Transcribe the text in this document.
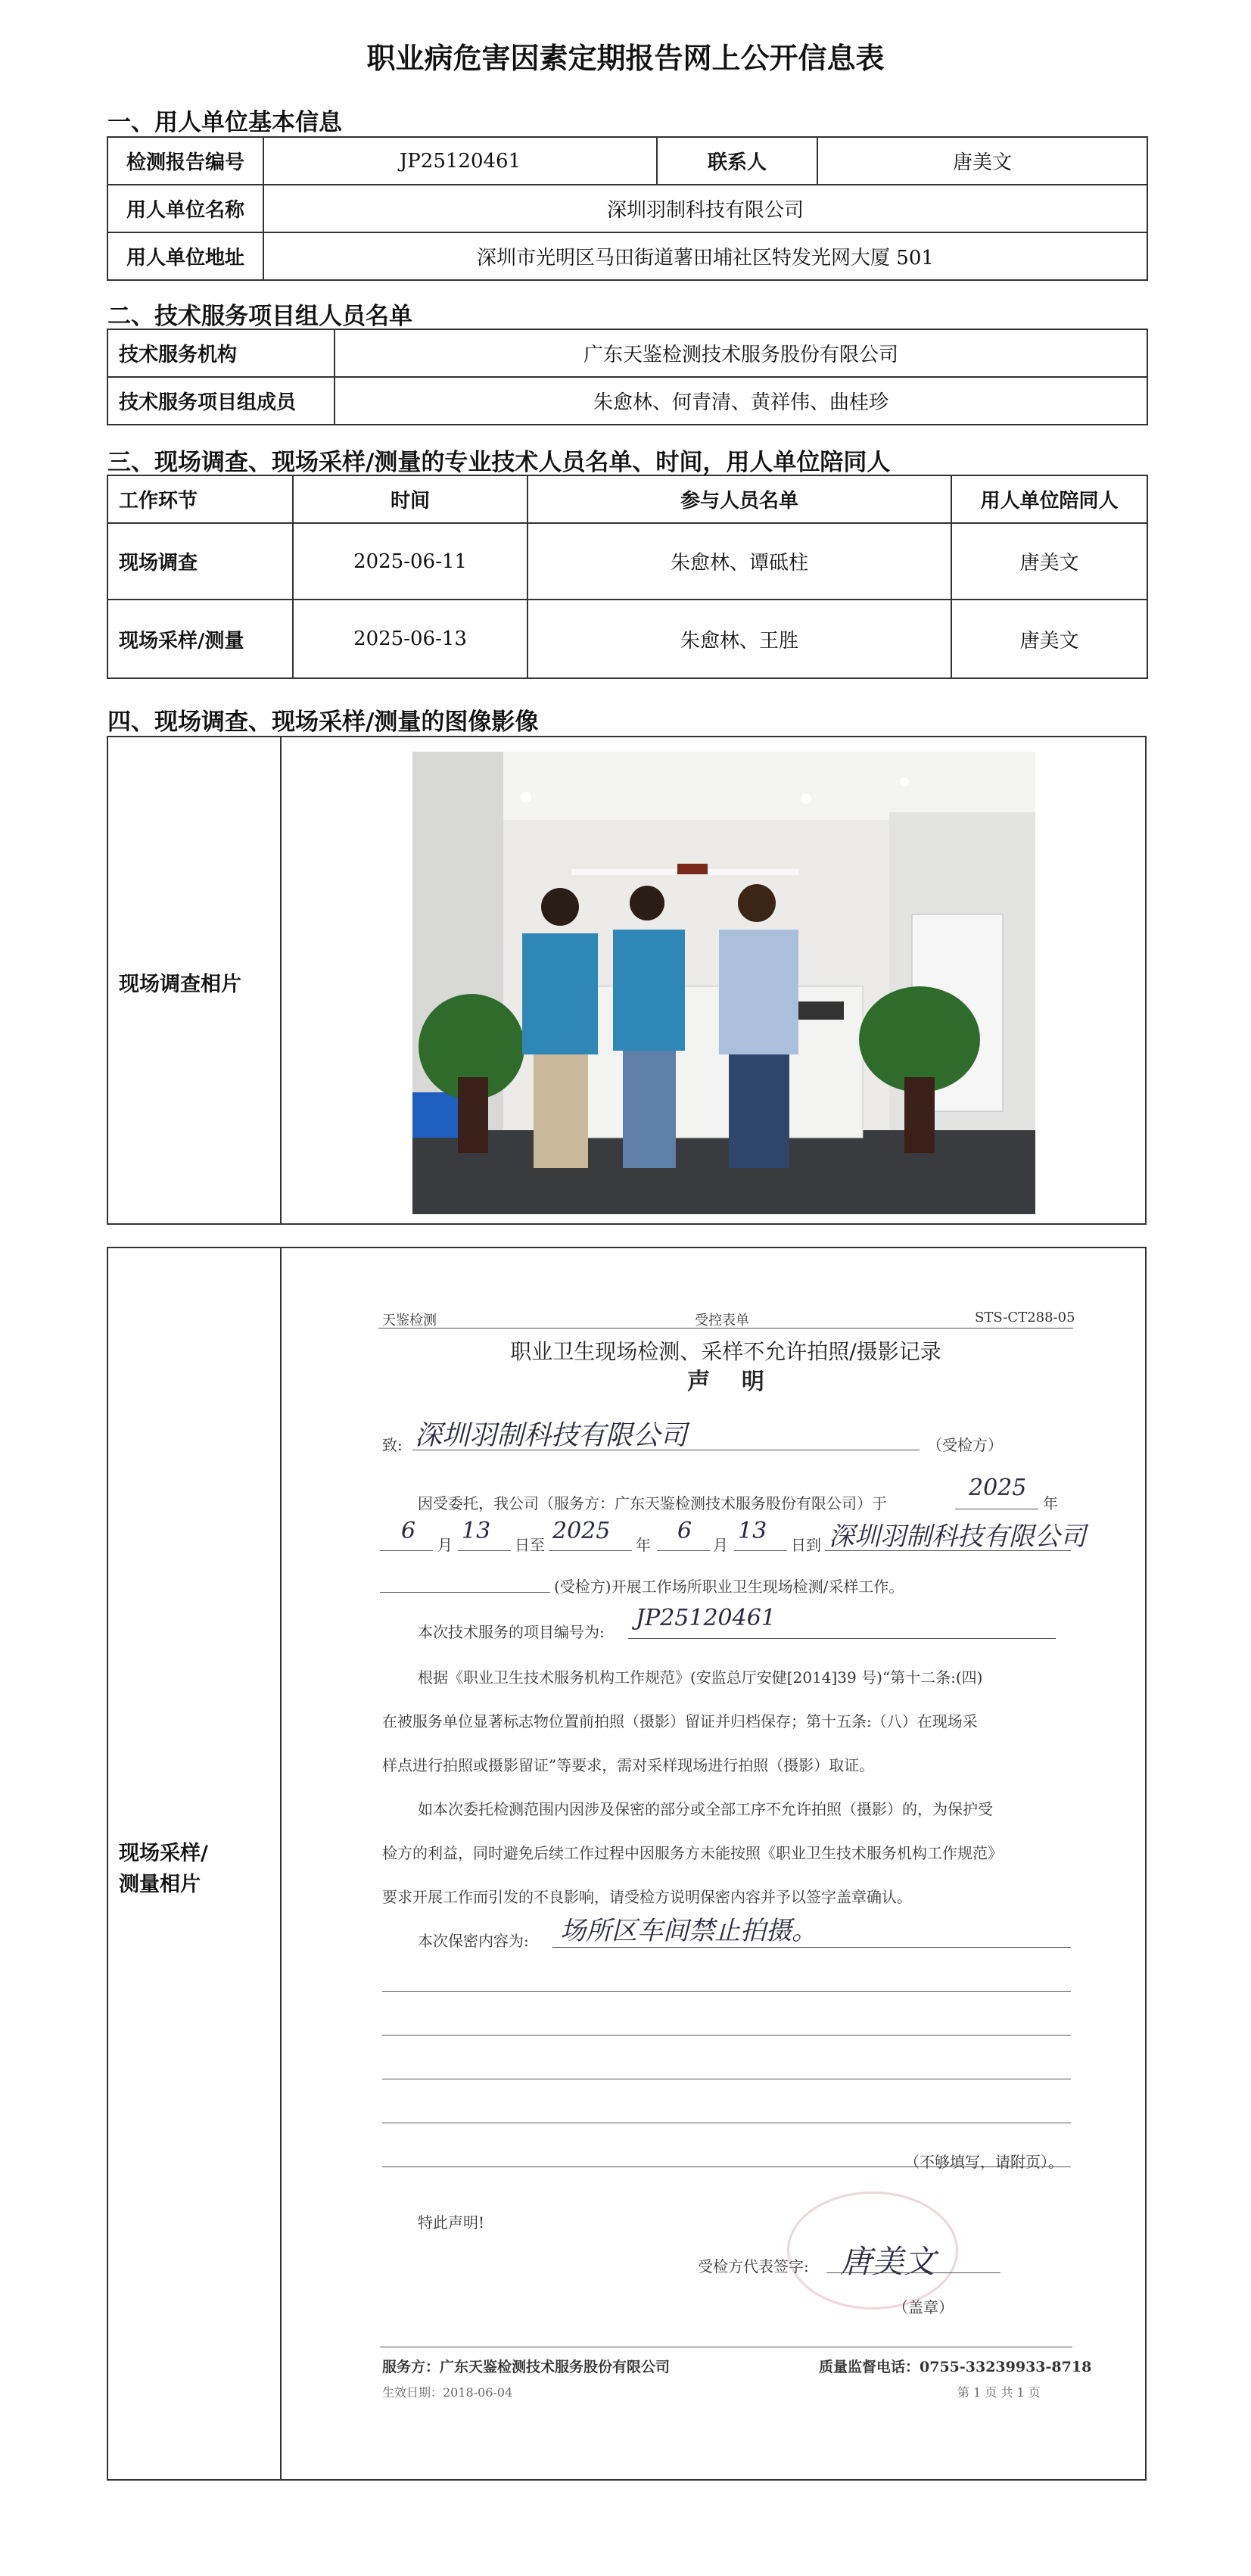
职业病危害因素定期报告网上公开信息表
一、用人单位基本信息
检测报告编号	JP25120461	联系人	唐美文
用人单位名称	深圳羽制科技有限公司		
用人单位地址	深圳市光明区马田街道薯田埔社区特发光网大厦 501		
二、技术服务项目组人员名单
技术服务机构	广东天鉴检测技术服务股份有限公司
技术服务项目组成员	朱愈林、何青清、黄祥伟、曲桂珍
三、现场调查、现场采样/测量的专业技术人员名单、时间，用人单位陪同人
工作环节	时间	参与人员名单	用人单位陪同人
现场调查	2025-06-11	朱愈林、谭砥柱	唐美文
现场采样/测量	2025-06-13	朱愈林、王胜	唐美文
四、现场调查、现场采样/测量的图像影像
现场调查相片
现场采样/
测量相片
天鉴检测	受控表单	STS-CT288-05
职业卫生现场检测、采样不允许拍照/摄影记录
声    明
致: 深圳羽制科技有限公司	（受检方）
因受委托，我公司（服务方：广东天鉴检测技术服务股份有限公司）于
2025
年
6
月
13
日至
2025
年
6
月
13
日到 深圳羽制科技有限公司
(受检方)开展工作场所职业卫生现场检测/采样工作。
本次技术服务的项目编号为:
JP25120461
根据《职业卫生技术服务机构工作规范》(安监总厅安健[2014]39 号)“第十二条:(四)
在被服务单位显著标志物位置前拍照（摄影）留证并归档保存；第十五条:（八）在现场采
样点进行拍照或摄影留证”等要求，需对采样现场进行拍照（摄影）取证。
如本次委托检测范围内因涉及保密的部分或全部工序不允许拍照（摄影）的，为保护受
检方的利益，同时避免后续工作过程中因服务方未能按照《职业卫生技术服务机构工作规范》
要求开展工作而引发的不良影响，请受检方说明保密内容并予以签字盖章确认。
本次保密内容为: 场所区车间禁止拍摄。
（不够填写，请附页）。
特此声明!
受检方代表签字: 唐美文
（盖章）
服务方：广东天鉴检测技术服务股份有限公司	质量监督电话：0755-33239933-8718
生效日期：2018-06-04	第 1 页 共 1 页
